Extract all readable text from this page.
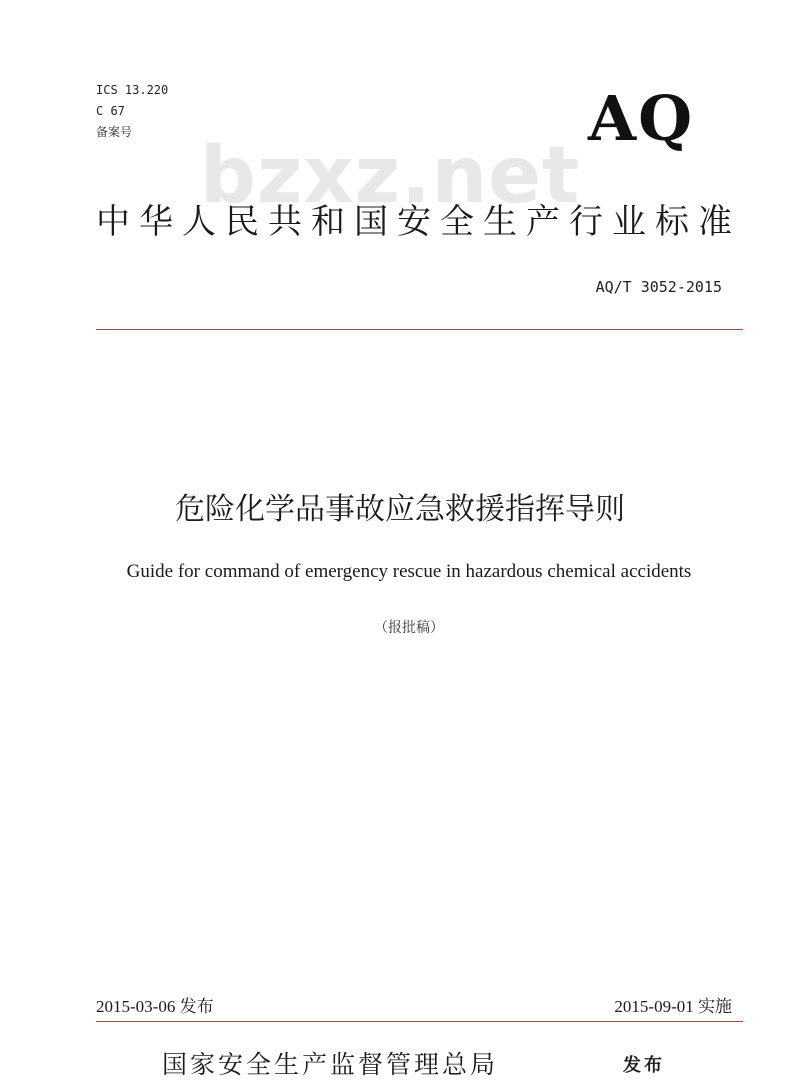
ICS 13.220
C 67
备案号 bzxz.net
AQ
中华人民共和国安全生产行业标准
AQ/T 3052-2015
危险化学品事故应急救援指挥导则
Guide for command of emergency rescue in hazardous chemical accidents
（报批稿）
2015-03-06 发布	2015-09-01 实施
国家安全生产监督管理总局	发布
